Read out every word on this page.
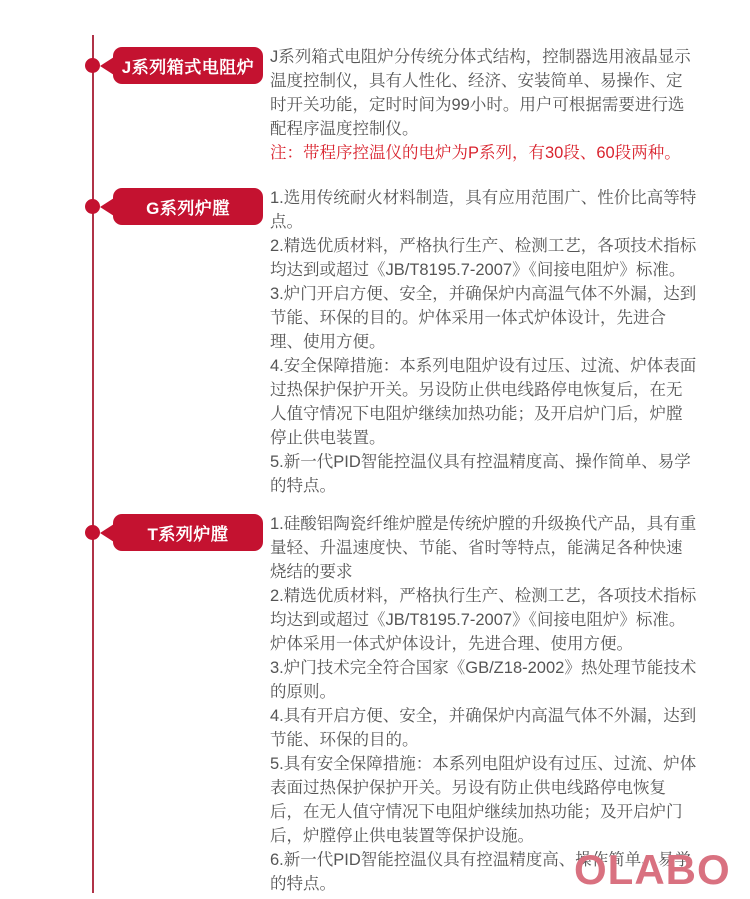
J系列箱式电阻炉

J系列箱式电阻炉分传统分体式结构，控制器选用液晶显示温度控制仪，具有人性化、经济、安装简单、易操作、定时开关功能，定时时间为99小时。用户可根据需要进行选配程序温度控制仪。

注：带程序控温仪的电炉为P系列，有30段、60段两种。

G系列炉膛

1.选用传统耐火材料制造，具有应用范围广、性价比高等特点。

2.精选优质材料，严格执行生产、检测工艺，各项技术指标均达到或超过《JB/T8195.7-2007》《间接电阻炉》标准。

3.炉门开启方便、安全，并确保炉内高温气体不外漏，达到节能、环保的目的。炉体采用一体式炉体设计，先进合理、使用方便。

4.安全保障措施：本系列电阻炉设有过压、过流、炉体表面过热保护保护开关。另设防止供电线路停电恢复后，在无人值守情况下电阻炉继续加热功能；及开启炉门后，炉膛停止供电装置。

5.新一代PID智能控温仪具有控温精度高、操作简单、易学的特点。

T系列炉膛

1.硅酸铝陶瓷纤维炉膛是传统炉膛的升级换代产品，具有重量轻、升温速度快、节能、省时等特点，能满足各种快速烧结的要求

2.精选优质材料，严格执行生产、检测工艺，各项技术指标均达到或超过《JB/T8195.7-2007》《间接电阻炉》标准。炉体采用一体式炉体设计，先进合理、使用方便。

3.炉门技术完全符合国家《GB/Z18-2002》热处理节能技术的原则。

4.具有开启方便、安全，并确保炉内高温气体不外漏，达到节能、环保的目的。

5.具有安全保障措施：本系列电阻炉设有过压、过流、炉体表面过热保护保护开关。另设有防止供电线路停电恢复后，在无人值守情况下电阻炉继续加热功能；及开启炉门后，炉膛停止供电装置等保护设施。

6.新一代PID智能控温仪具有控温精度高、操作简单、易学的特点。	OLABO
